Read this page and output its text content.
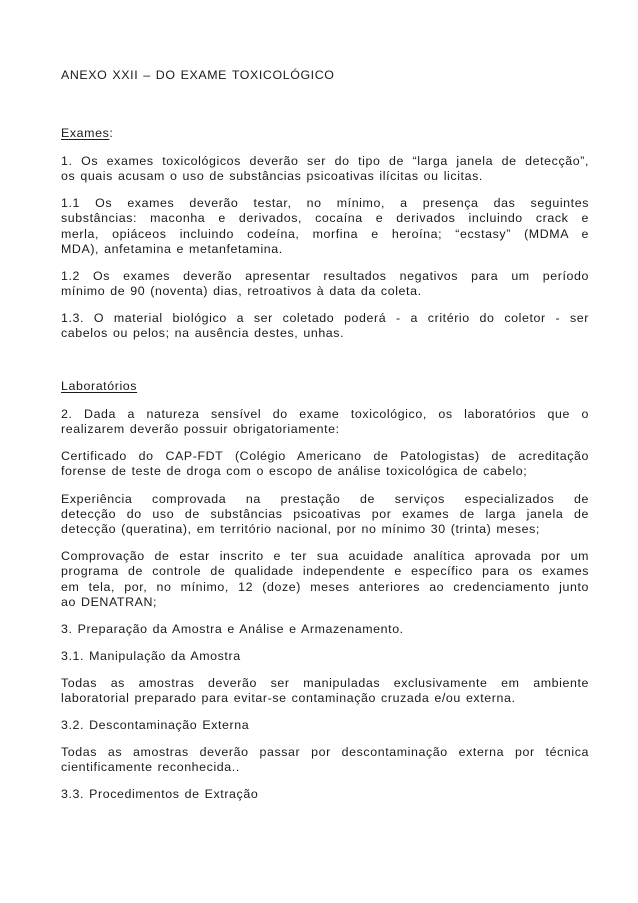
ANEXO XXII – DO EXAME TOXICOLÓGICO
Exames:
1. Os exames toxicológicos deverão ser do tipo de “larga janela de detecção”,
os quais acusam o uso de substâncias psicoativas ilícitas ou licitas.
1.1 Os exames deverão testar, no mínimo, a presença das seguintes
substâncias: maconha e derivados, cocaína e derivados incluindo crack e
merla, opiáceos incluindo codeína, morfina e heroína; “ecstasy” (MDMA e
MDA), anfetamina e metanfetamina.
1.2 Os exames deverão apresentar resultados negativos para um período
mínimo de 90 (noventa) dias, retroativos à data da coleta.
1.3. O material biológico a ser coletado poderá - a critério do coletor - ser
cabelos ou pelos; na ausência destes, unhas.
Laboratórios
2. Dada a natureza sensível do exame toxicológico, os laboratórios que o
realizarem deverão possuir obrigatoriamente:
Certificado do CAP-FDT (Colégio Americano de Patologistas) de acreditação
forense de teste de droga com o escopo de análise toxicológica de cabelo;
Experiência comprovada na prestação de serviços especializados de
detecção do uso de substâncias psicoativas por exames de larga janela de
detecção (queratina), em território nacional, por no mínimo 30 (trinta) meses;
Comprovação de estar inscrito e ter sua acuidade analítica aprovada por um
programa de controle de qualidade independente e específico para os exames
em tela, por, no mínimo, 12 (doze) meses anteriores ao credenciamento junto
ao DENATRAN;
3. Preparação da Amostra e Análise e Armazenamento.
3.1. Manipulação da Amostra
Todas as amostras deverão ser manipuladas exclusivamente em ambiente
laboratorial preparado para evitar-se contaminação cruzada e/ou externa.
3.2. Descontaminação Externa
Todas as amostras deverão passar por descontaminação externa por técnica
cientificamente reconhecida..
3.3. Procedimentos de Extração
